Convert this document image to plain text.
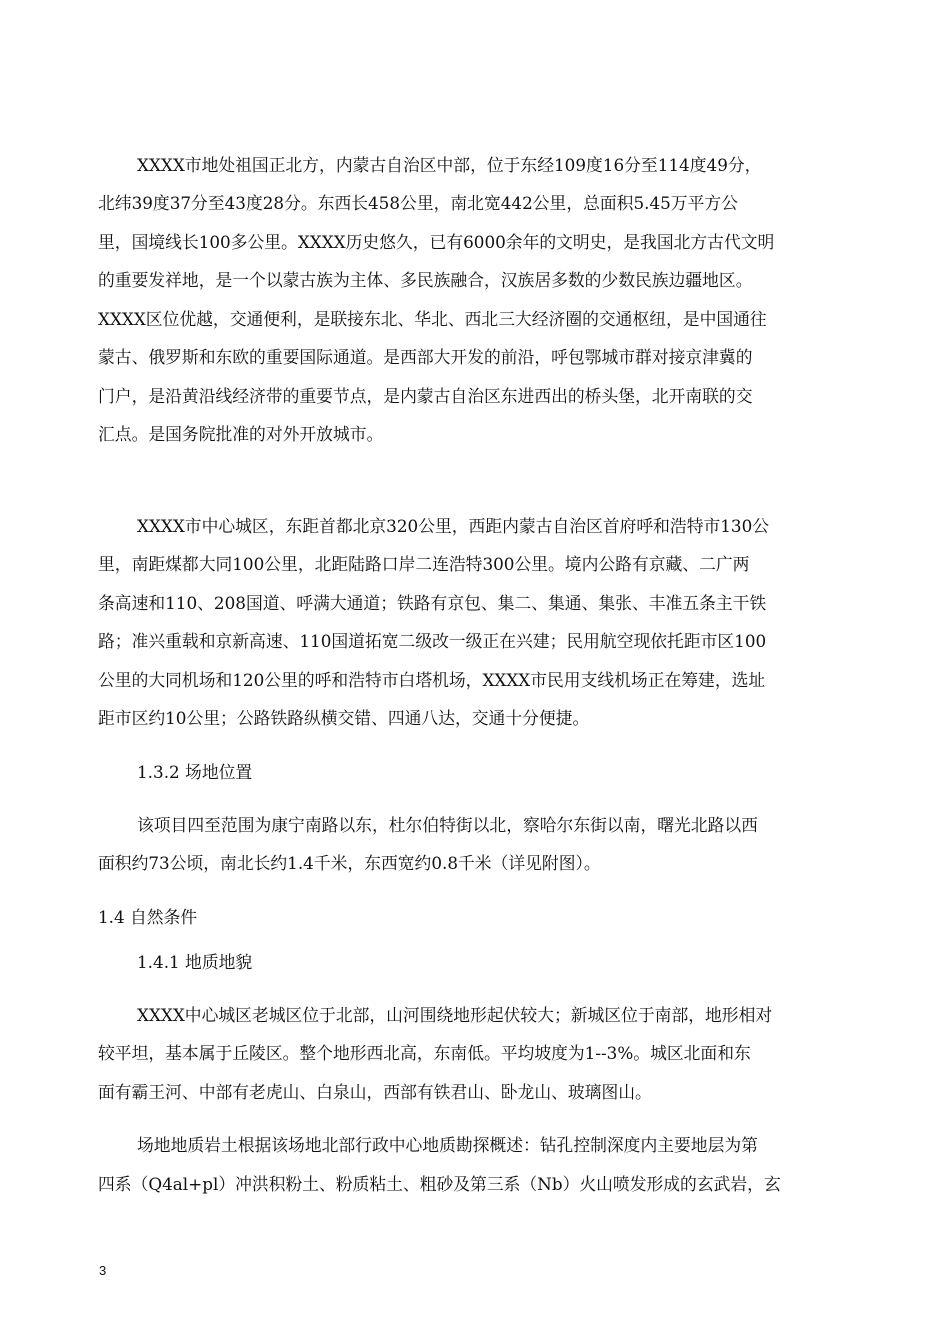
XXXX市地处祖国正北方，内蒙古自治区中部，位于东经109度16分至114度49分，

北纬39度37分至43度28分。东西长458公里，南北宽442公里，总面积5.45万平方公

里，国境线长100多公里。XXXX历史悠久，已有6000余年的文明史，是我国北方古代文明

的重要发祥地，是一个以蒙古族为主体、多民族融合，汉族居多数的少数民族边疆地区。

XXXX区位优越，交通便利，是联接东北、华北、西北三大经济圈的交通枢纽，是中国通往

蒙古、俄罗斯和东欧的重要国际通道。是西部大开发的前沿，呼包鄂城市群对接京津冀的

门户，是沿黄沿线经济带的重要节点，是内蒙古自治区东进西出的桥头堡，北开南联的交

汇点。是国务院批准的对外开放城市。

XXXX市中心城区，东距首都北京320公里，西距内蒙古自治区首府呼和浩特市130公

里，南距煤都大同100公里，北距陆路口岸二连浩特300公里。境内公路有京藏、二广两

条高速和110、208国道、呼满大通道；铁路有京包、集二、集通、集张、丰准五条主干铁

路；准兴重载和京新高速、110国道拓宽二级改一级正在兴建；民用航空现依托距市区100

公里的大同机场和120公里的呼和浩特市白塔机场，XXXX市民用支线机场正在筹建，选址

距市区约10公里；公路铁路纵横交错、四通八达，交通十分便捷。

1.3.2 场地位置

该项目四至范围为康宁南路以东，杜尔伯特街以北，察哈尔东街以南，曙光北路以西

面积约73公顷，南北长约1.4千米，东西宽约0.8千米（详见附图）。

1.4 自然条件

1.4.1 地质地貌

XXXX中心城区老城区位于北部，山河围绕地形起伏较大；新城区位于南部，地形相对

较平坦，基本属于丘陵区。整个地形西北高，东南低。平均坡度为1--3%。城区北面和东

面有霸王河、中部有老虎山、白泉山，西部有铁君山、卧龙山、玻璃图山。

场地地质岩土根据该场地北部行政中心地质勘探概述：钻孔控制深度内主要地层为第

四系（Q4al+pl）冲洪积粉土、粉质粘土、粗砂及第三系（Nb）火山喷发形成的玄武岩，玄

3
